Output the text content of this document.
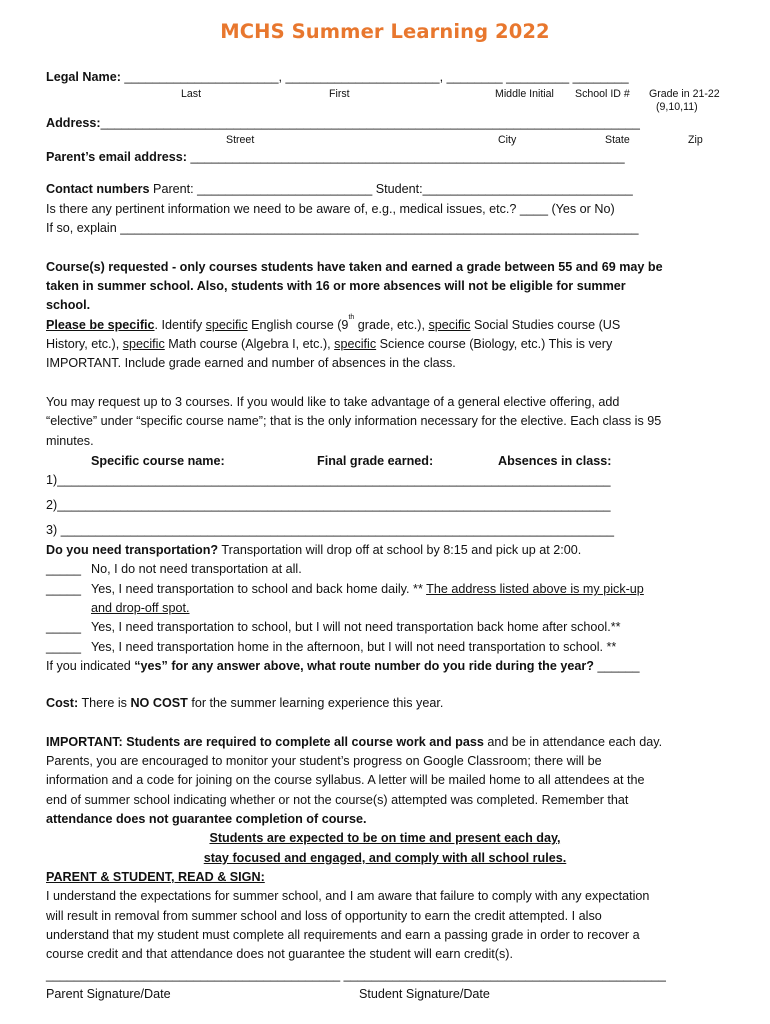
MCHS Summer Learning 2022
Legal Name: ______________________, ______________________, ________ _________ ________
Last	First	Middle Initial School ID # Grade in 21-22
(9,10,11)
Address:_____________________________________________________________________________
Street	City	State	Zip
Parent’s email address: ______________________________________________________________
Contact numbers Parent: _________________________ Student:______________________________
Is there any pertinent information we need to be aware of, e.g., medical issues, etc.? ____ (Yes or No)
If so, explain __________________________________________________________________________
Course(s) requested - only courses students have taken and earned a grade between 55 and 69 may be
taken in summer school. Also, students with 16 or more absences will not be eligible for summer
school.
Please be specific. Identify specific English course (9th grade, etc.), specific Social Studies course (US
History, etc.), specific Math course (Algebra I, etc.), specific Science course (Biology, etc.) This is very
IMPORTANT. Include grade earned and number of absences in the class.
You may request up to 3 courses. If you would like to take advantage of a general elective offering, add
“elective” under “specific course name”; that is the only information necessary for the elective. Each class is 95
minutes.
Specific course name:	Final grade earned:	Absences in class:
1)_______________________________________________________________________________
2)_______________________________________________________________________________
3) _______________________________________________________________________________
Do you need transportation? Transportation will drop off at school by 8:15 and pick up at 2:00.
_____ No, I do not need transportation at all.
_____ Yes, I need transportation to school and back home daily. ** The address listed above is my pick-up
and drop-off spot.
_____ Yes, I need transportation to school, but I will not need transportation back home after school.**
_____ Yes, I need transportation home in the afternoon, but I will not need transportation to school. **
If you indicated “yes” for any answer above, what route number do you ride during the year? ______
Cost: There is NO COST for the summer learning experience this year.
IMPORTANT: Students are required to complete all course work and pass and be in attendance each day.
Parents, you are encouraged to monitor your student’s progress on Google Classroom; there will be
information and a code for joining on the course syllabus. A letter will be mailed home to all attendees at the
end of summer school indicating whether or not the course(s) attempted was completed. Remember that
attendance does not guarantee completion of course.
Students are expected to be on time and present each day,
stay focused and engaged, and comply with all school rules.
PARENT & STUDENT, READ & SIGN:
I understand the expectations for summer school, and I am aware that failure to comply with any expectation
will result in removal from summer school and loss of opportunity to earn the credit attempted. I also
understand that my student must complete all requirements and earn a passing grade in order to recover a
course credit and that attendance does not guarantee the student will earn credit(s).
__________________________________________ ______________________________________________
Parent Signature/Date	Student Signature/Date
